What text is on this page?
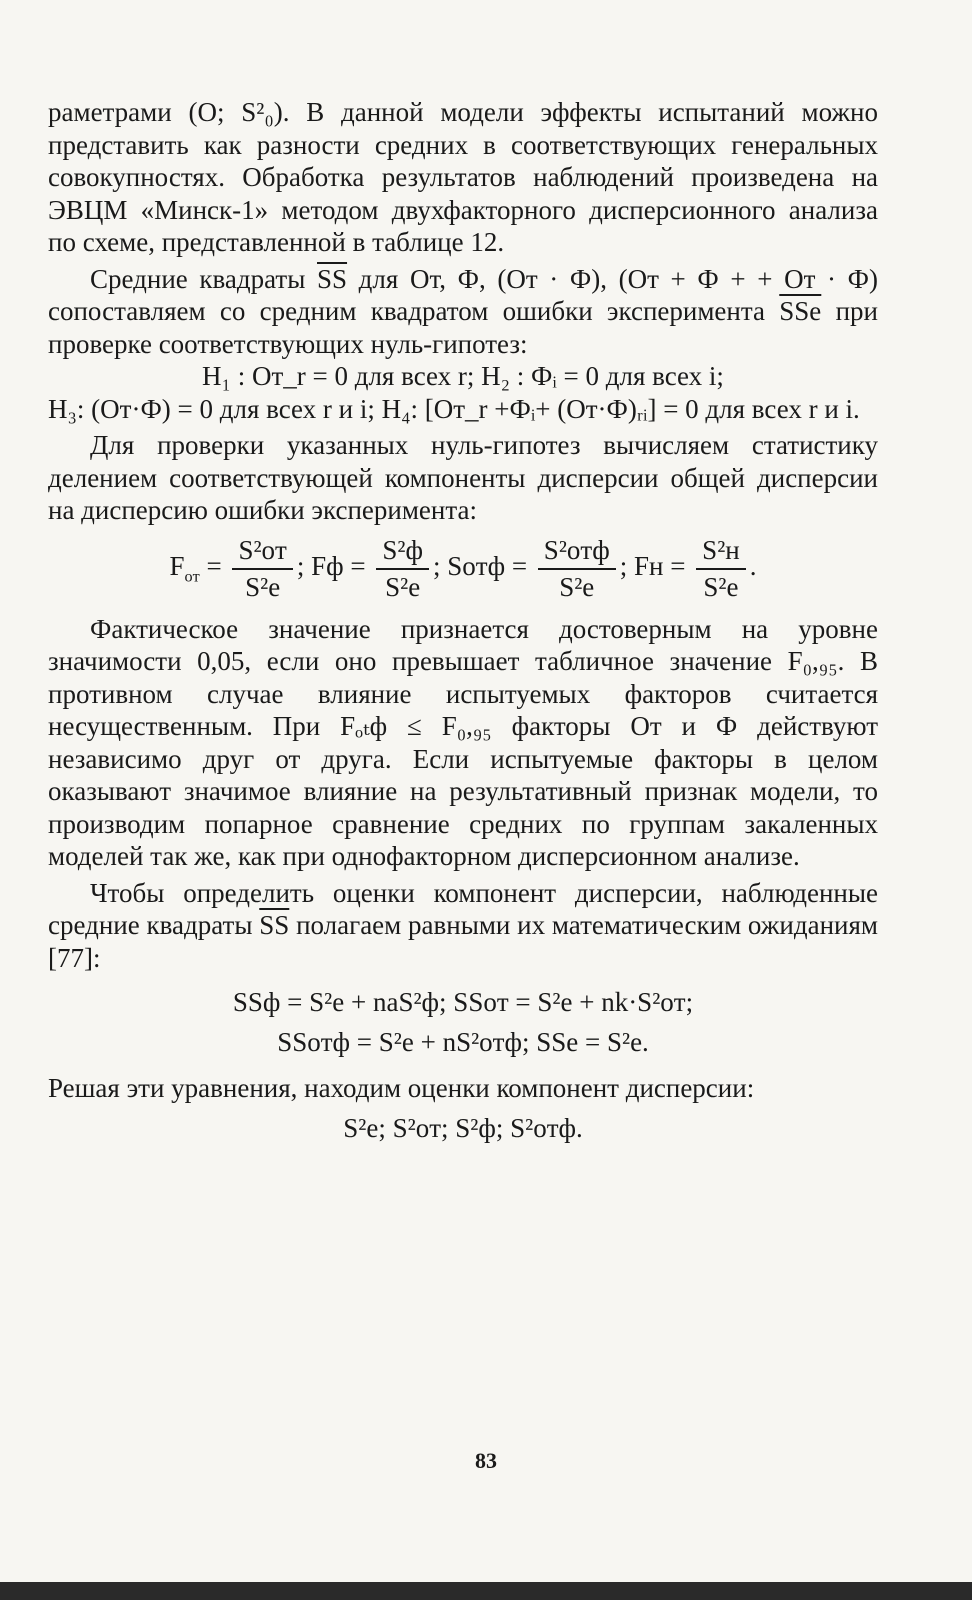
раметрами (O; S²₀). В данной модели эффекты испытаний можно представить как разности средних в соответствующих генеральных совокупностях. Обработка результатов наблюдений произведена на ЭВЦМ «Минск-1» методом двухфакторного дисперсионного анализа по схеме, представленной в таблице 12.

Средние квадраты $\overline{SS}$ для Oт, Ф, (Oт · Ф), (Oт + Ф + + Oт · Ф) сопоставляем со средним квадратом ошибки эксперимента $\overline{SSe}$ при проверке соответствующих нуль-гипотез:

H₁ : Oт_r = 0 для всех r; H₂ : Фᵢ = 0 для всех i;

H₃: (Oт·Ф) = 0 для всех r и i; H₄: [Oт_r +Фᵢ+ (Oт·Ф)ᵣᵢ] = 0 для всех r и i.

Для проверки указанных нуль-гипотез вычисляем статистику делением соответствующей компоненты дисперсии общей дисперсии на дисперсию ошибки эксперимента:

$F_{oт} = \frac{\text{S²oт}}{\text{S²e}}$ ; Fф = $\frac{\text{S²ф}}{\text{S²e}}$ ; Soтф = $\frac{\text{S²oтф}}{\text{S²e}}$ ; Fн = $\frac{\text{S²н}}{\text{S²e}}$ .

Фактическое значение признается достоверным на уровне значимости 0,05, если оно превышает табличное значение F₀,₉₅. В противном случае влияние испытуемых факторов считается несущественным. При Fₒₜф ≤ F₀,₉₅ факторы Oт и Ф действуют независимо друг от друга. Если испытуемые факторы в целом оказывают значимое влияние на результативный признак модели, то производим попарное сравнение средних по группам закаленных моделей так же, как при однофакторном дисперсионном анализе.

Чтобы определить оценки компонент дисперсии, наблюденные средние квадраты $\overline{SS}$ полагаем равными их математическим ожиданиям [77]:

SSф = S²e + naS²ф; SSoт = S²e + nk·S²oт;
SSoтф = S²e + nS²oтф; SSe = S²e.

Решая эти уравнения, находим оценки компонент дисперсии:

S²e; S²oт; S²ф; S²oтф.
83
